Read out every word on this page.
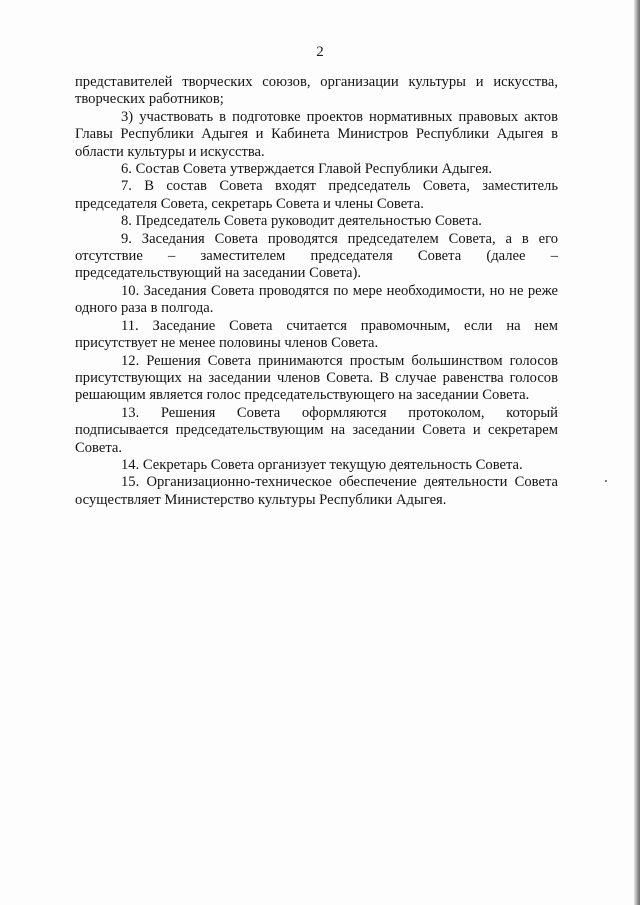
2

представителей творческих союзов, организации культуры и искусства, творческих работников;

3) участвовать в подготовке проектов нормативных правовых актов Главы Республики Адыгея и Кабинета Министров Республики Адыгея в области культуры и искусства.

6. Состав Совета утверждается Главой Республики Адыгея.

7. В состав Совета входят председатель Совета, заместитель председателя Совета, секретарь Совета и члены Совета.

8. Председатель Совета руководит деятельностью Совета.

9. Заседания Совета проводятся председателем Совета, а в его отсутствие – заместителем председателя Совета (далее – председательствующий на заседании Совета).

10. Заседания Совета проводятся по мере необходимости, но не реже одного раза в полгода.

11. Заседание Совета считается правомочным, если на нем присутствует не менее половины членов Совета.

12. Решения Совета принимаются простым большинством голосов присутствующих на заседании членов Совета. В случае равенства голосов решающим является голос председательствующего на заседании Совета.

13. Решения Совета оформляются протоколом, который подписывается председательствующим на заседании Совета и секретарем Совета.

14. Секретарь Совета организует текущую деятельность Совета.

15. Организационно-техническое обеспечение деятельности Совета осуществляет Министерство культуры Республики Адыгея.
